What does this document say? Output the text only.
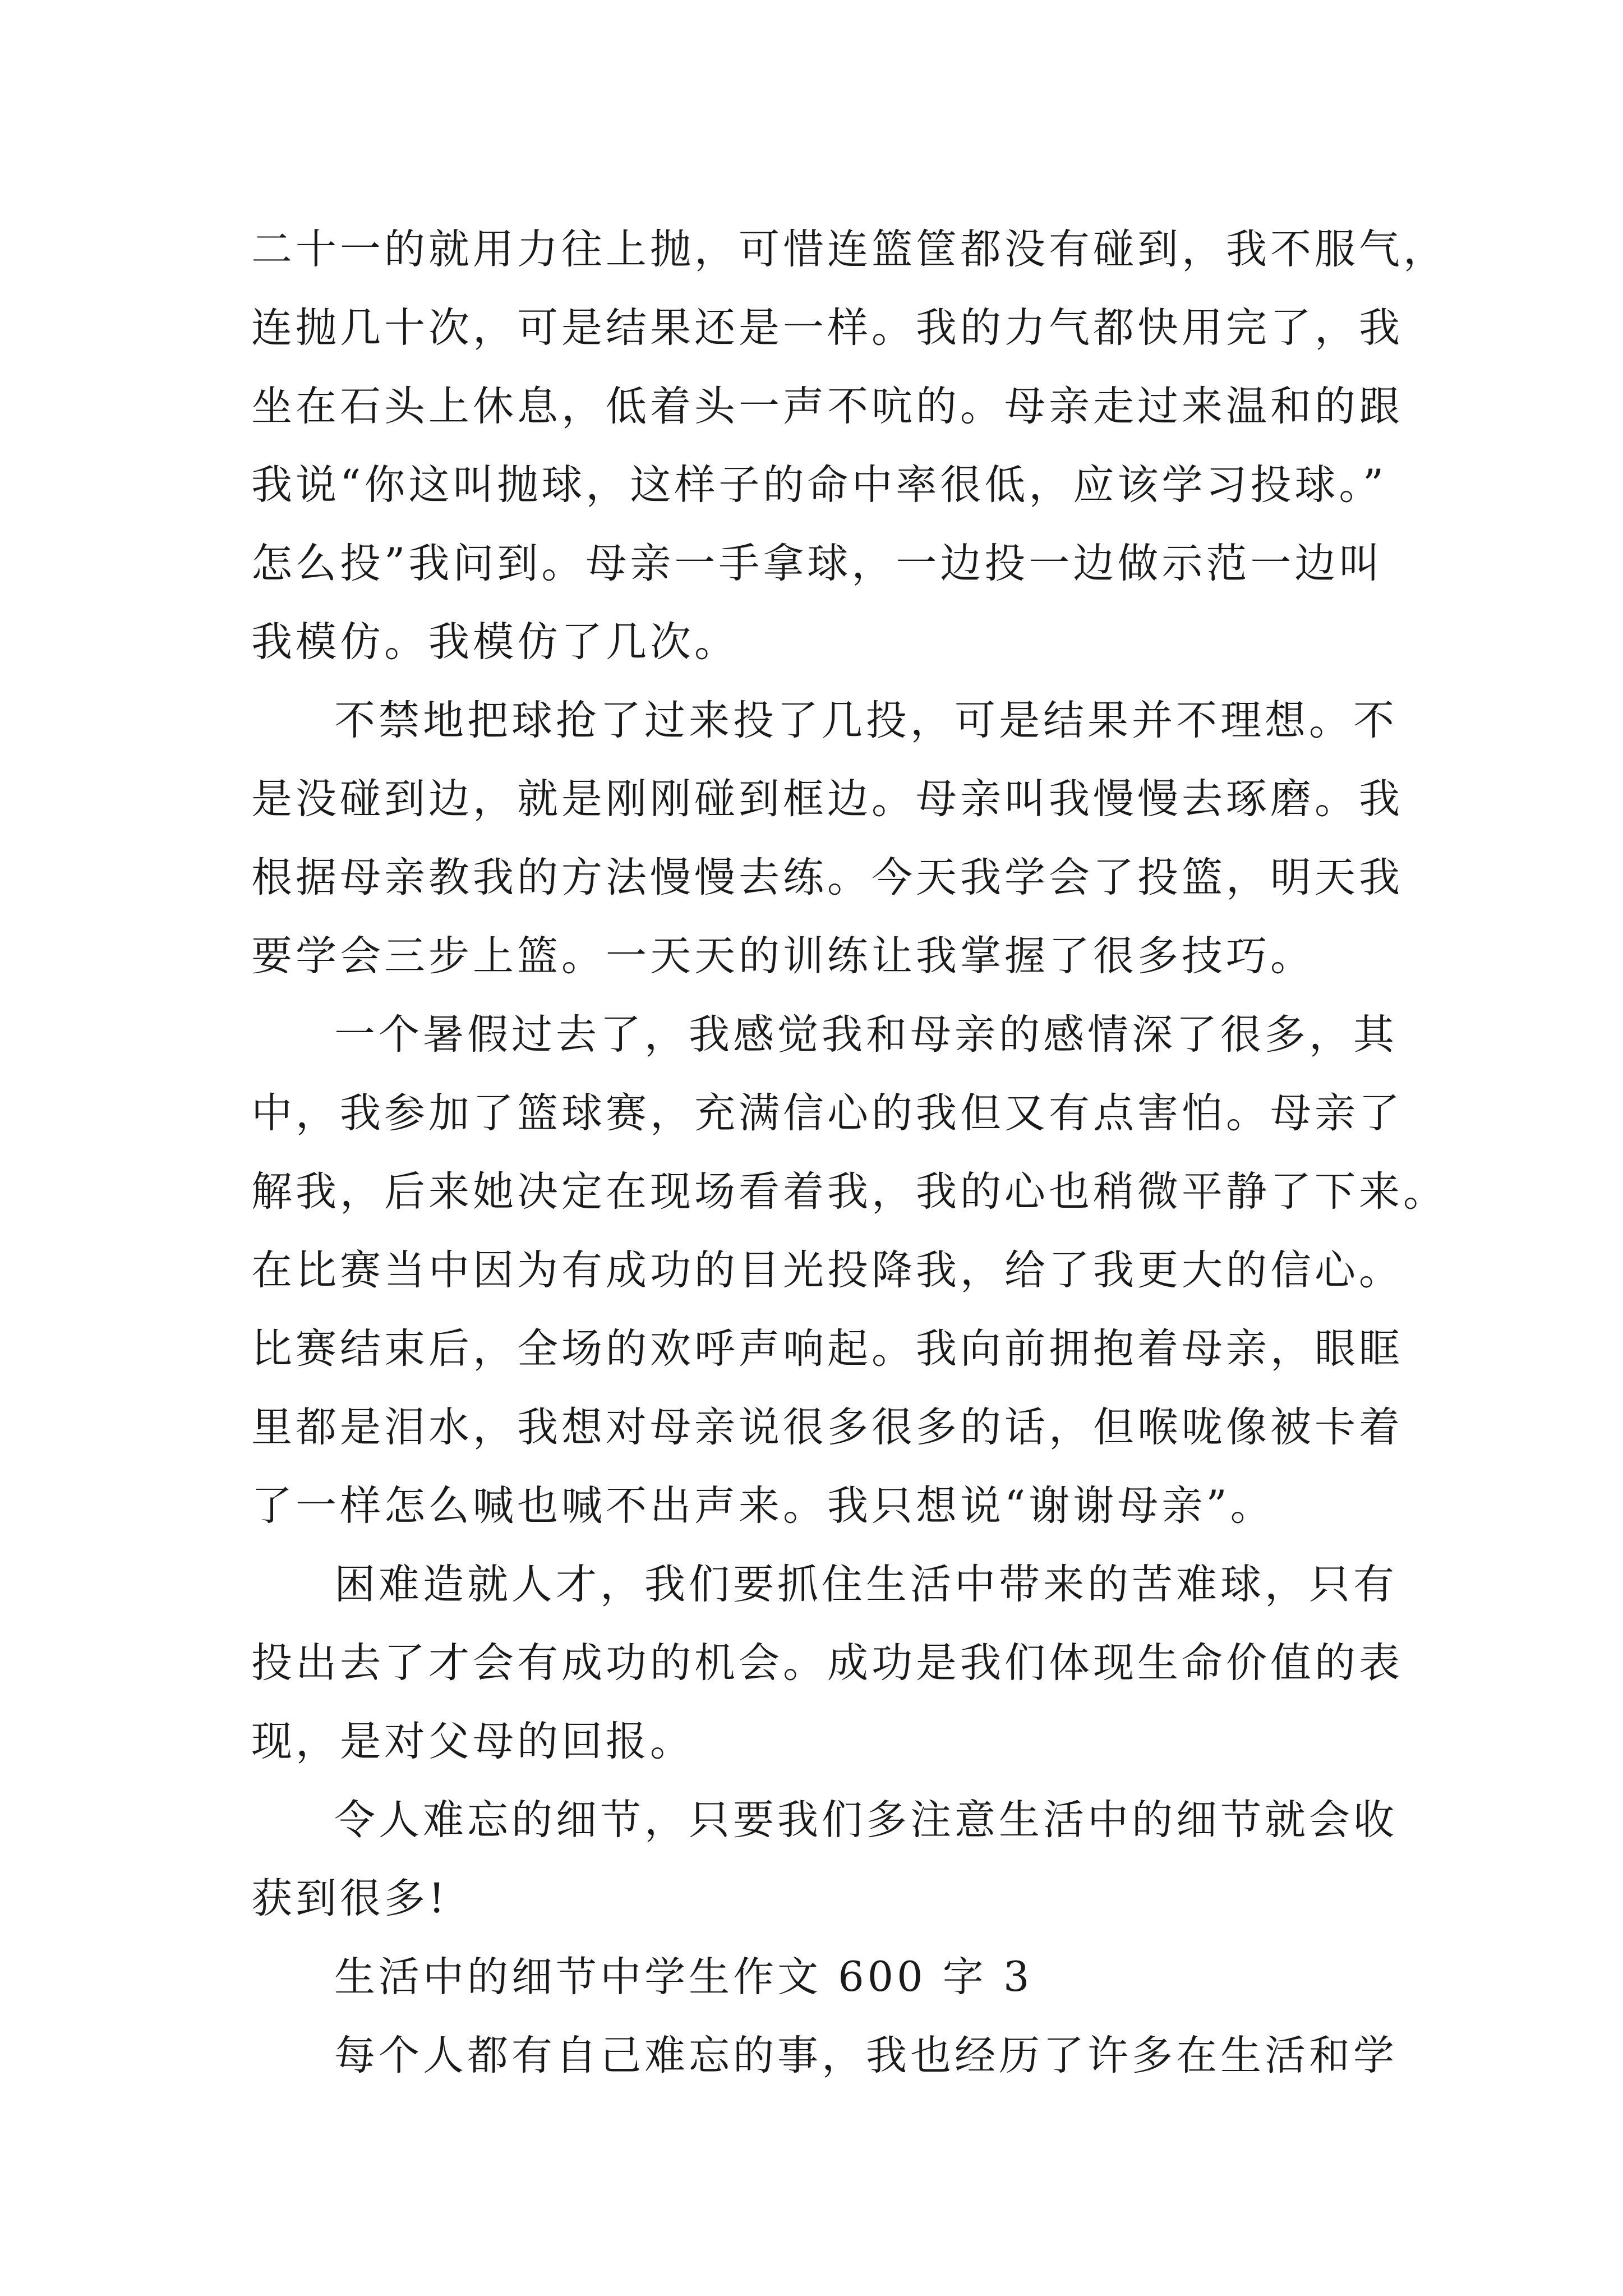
二十一的就用力往上抛，可惜连篮筐都没有碰到，我不服气，
连抛几十次，可是结果还是一样。我的力气都快用完了，我
坐在石头上休息，低着头一声不吭的。母亲走过来温和的跟
我说“你这叫抛球，这样子的命中率很低，应该学习投球。”
怎么投”我问到。母亲一手拿球，一边投一边做示范一边叫
我模仿。我模仿了几次。
不禁地把球抢了过来投了几投，可是结果并不理想。不
是没碰到边，就是刚刚碰到框边。母亲叫我慢慢去琢磨。我
根据母亲教我的方法慢慢去练。今天我学会了投篮，明天我
要学会三步上篮。一天天的训练让我掌握了很多技巧。
一个暑假过去了，我感觉我和母亲的感情深了很多，其
中，我参加了篮球赛，充满信心的我但又有点害怕。母亲了
解我，后来她决定在现场看着我，我的心也稍微平静了下来。
在比赛当中因为有成功的目光投降我，给了我更大的信心。
比赛结束后，全场的欢呼声响起。我向前拥抱着母亲，眼眶
里都是泪水，我想对母亲说很多很多的话，但喉咙像被卡着
了一样怎么喊也喊不出声来。我只想说“谢谢母亲”。
困难造就人才，我们要抓住生活中带来的苦难球，只有
投出去了才会有成功的机会。成功是我们体现生命价值的表
现，是对父母的回报。
令人难忘的细节，只要我们多注意生活中的细节就会收
获到很多!
生活中的细节中学生作文 600 字 3
每个人都有自己难忘的事，我也经历了许多在生活和学
